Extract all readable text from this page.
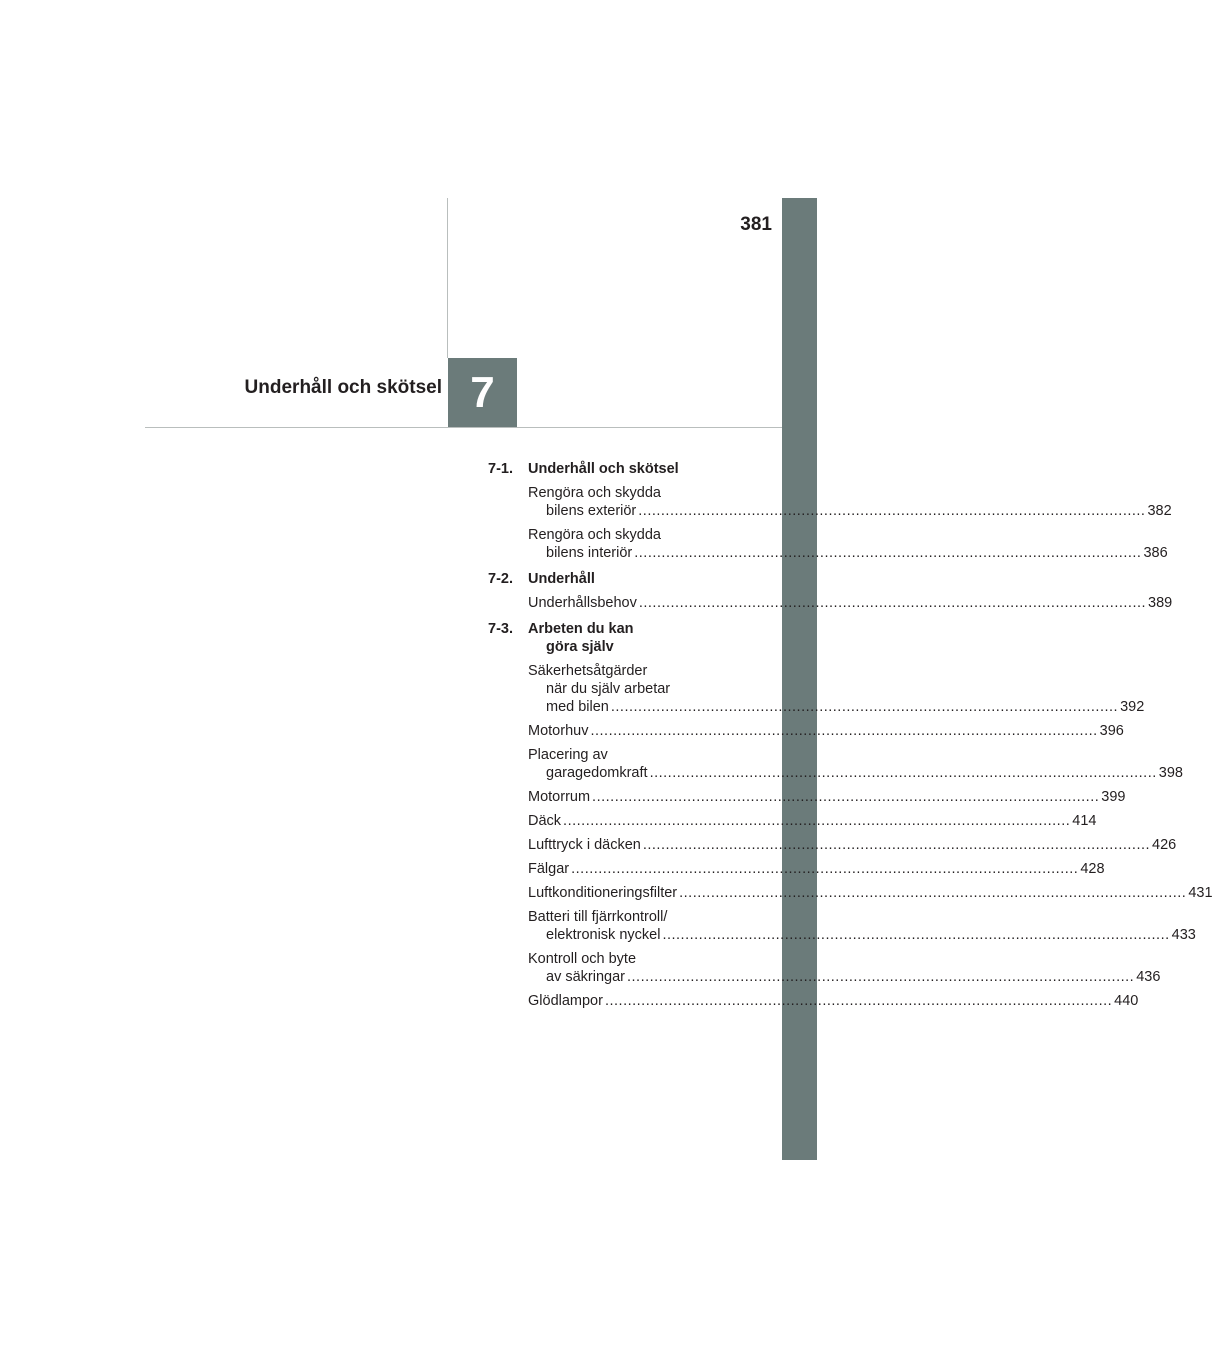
381
7
Underhåll och skötsel
7-1.	Underhåll och skötsel
Rengöra och skydda
bilens exteriör .....	382
Rengöra och skydda
bilens interiör .....	386
7-2.	Underhåll
Underhållsbehov .....	389
7-3.	Arbeten du kan
göra själv
Säkerhetsåtgärder
när du själv arbetar
med bilen .....	392
Motorhuv .....	396
Placering av
garagedomkraft .....	398
Motorrum .....	399
Däck .....	414
Lufttryck i däcken .....	426
Fälgar .....	428
Luftkonditioneringsfilter .....	431
Batteri till fjärrkontroll/
elektronisk nyckel .....	433
Kontroll och byte
av säkringar .....	436
Glödlampor .....	440
